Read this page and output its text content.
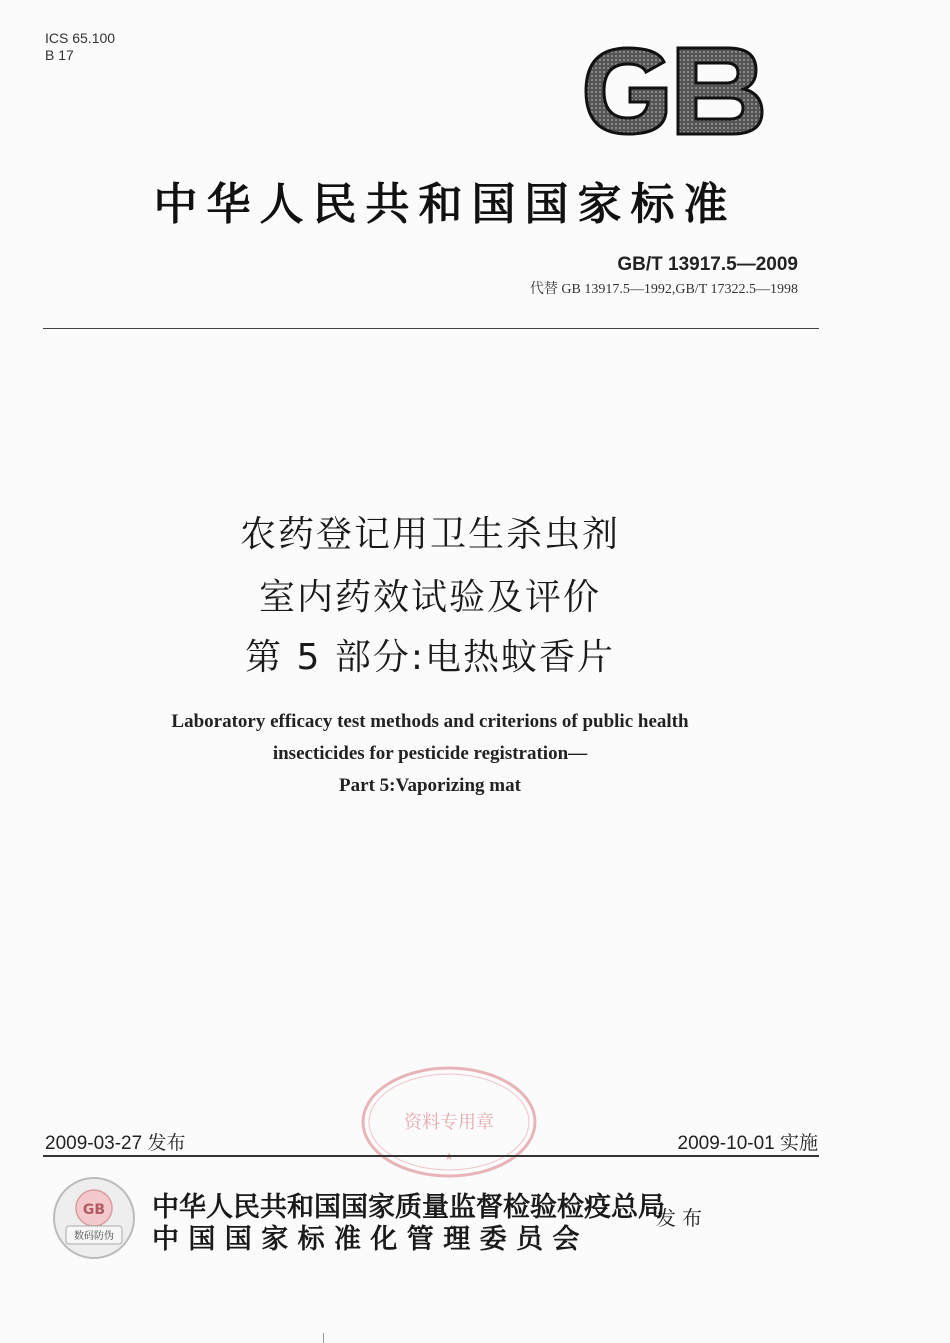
ICS 65.100
B 17
中华人民共和国国家标准
GB/T 13917.5—2009
代替 GB 13917.5—1992,GB/T 17322.5—1998
农药登记用卫生杀虫剂
室内药效试验及评价
第 5 部分:电热蚊香片
Laboratory efficacy test methods and criterions of public health
insecticides for pesticide registration—
Part 5:Vaporizing mat
资料专用章
2009-03-27 发布	2009-10-01 实施
GB
数码防伪
中华人民共和国国家质量监督检验检疫总局
中 国 国 家 标 准 化 管 理 委 员 会
发布
